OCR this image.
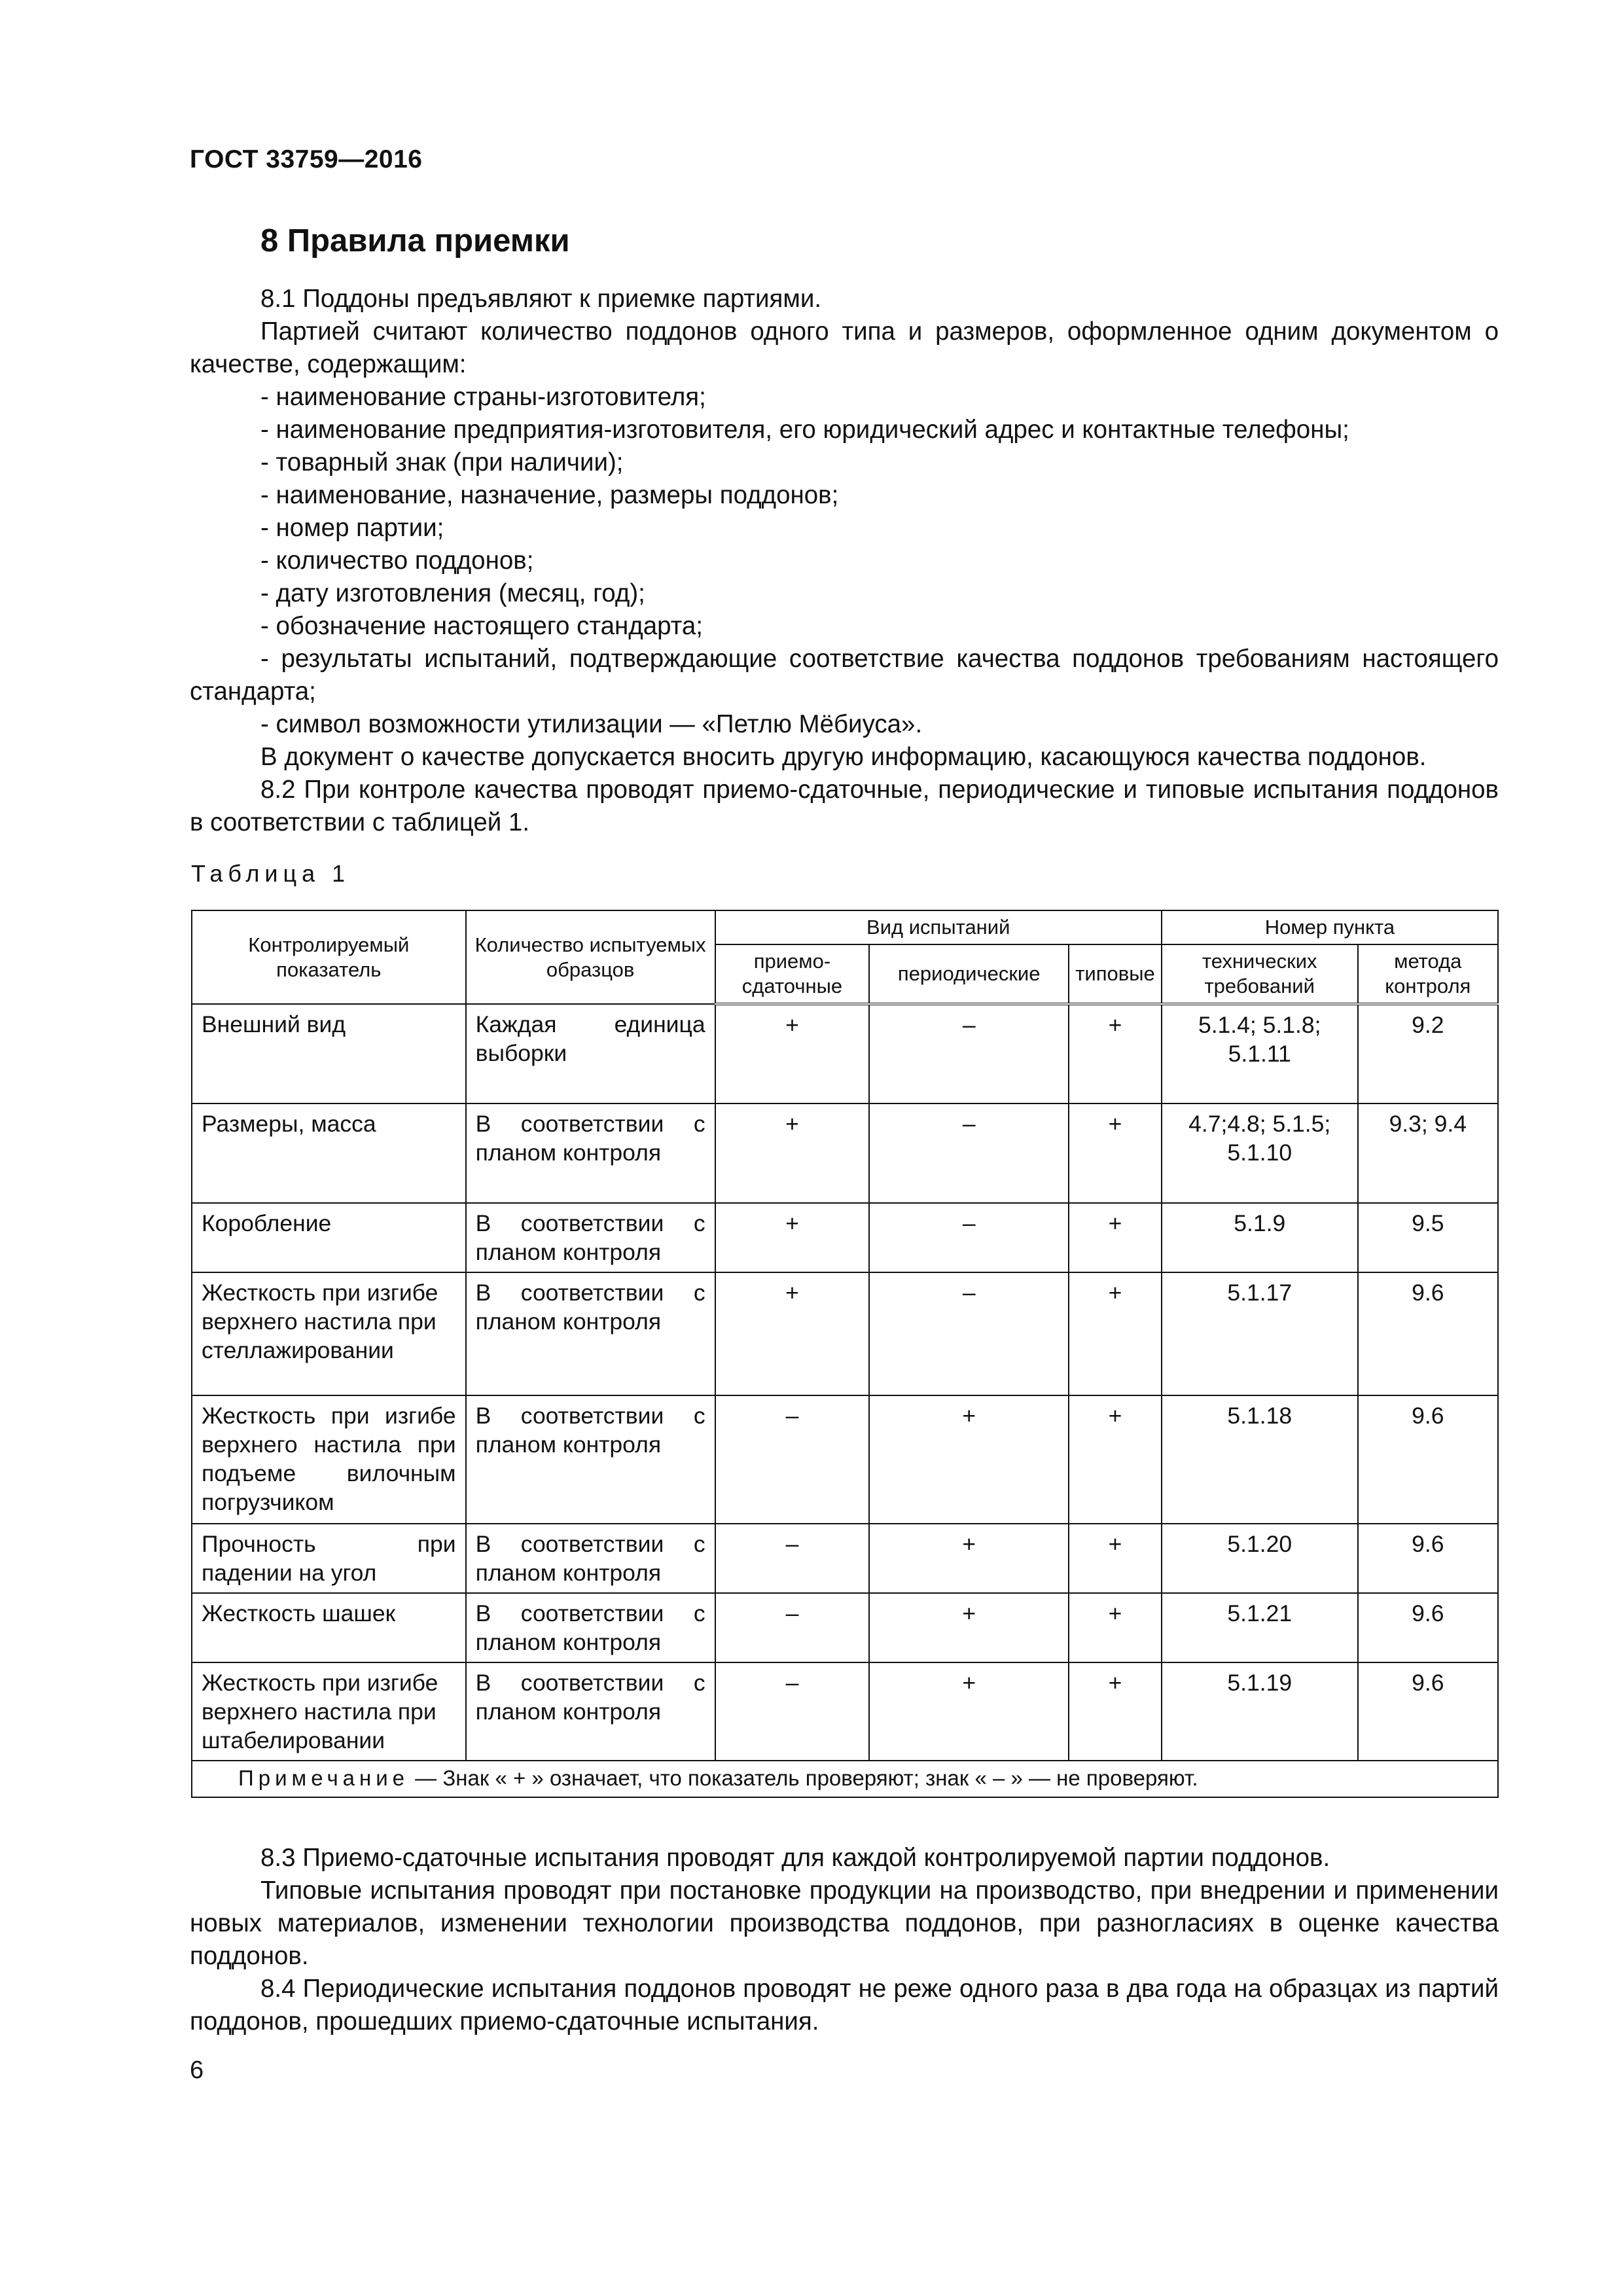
ГОСТ 33759—2016
8 Правила приемки

8.1 Поддоны предъявляют к приемке партиями.

Партией считают количество поддонов одного типа и размеров, оформленное одним документом о качестве, содержащим:

- наименование страны-изготовителя;

- наименование предприятия-изготовителя, его юридический адрес и контактные телефоны;

- товарный знак (при наличии);

- наименование, назначение, размеры поддонов;

- номер партии;

- количество поддонов;

- дату изготовления (месяц, год);

- обозначение настоящего стандарта;

- результаты испытаний, подтверждающие соответствие качества поддонов требованиям настоящего стандарта;

- символ возможности утилизации — «Петлю Мёбиуса».

В документ о качестве допускается вносить другую информацию, касающуюся качества поддонов.

8.2 При контроле качества проводят приемо-сдаточные, периодические и типовые испытания поддонов в соответствии с таблицей 1.

Таблица 1
Контролируемый показатель	Количество испытуемых образцов	Вид испытаний			Номер пункта	
		приемо-сдаточные	периодические	типовые	технических требований	метода контроля
Внешний вид	Каждая единица выборки	+	–	+	5.1.4; 5.1.8; 5.1.11	9.2
Размеры, масса	В соответствии с планом контроля	+	–	+	4.7;4.8; 5.1.5; 5.1.10	9.3; 9.4
Коробление	В соответствии с планом контроля	+	–	+	5.1.9	9.5
Жесткость при изгибе верхнего настила при стеллажировании	В соответствии с планом контроля	+	–	+	5.1.17	9.6
Жесткость при изгибе верхнего настила при подъеме вилочным погрузчиком	В соответствии с планом контроля	–	+	+	5.1.18	9.6
Прочность при падении на угол	В соответствии с планом контроля	–	+	+	5.1.20	9.6
Жесткость шашек	В соответствии с планом контроля	–	+	+	5.1.21	9.6
Жесткость при изгибе верхнего настила при штабелировании	В соответствии с планом контроля	–	+	+	5.1.19	9.6
Примечание — Знак « + » означает, что показатель проверяют; знак « – » — не проверяют.						

8.3 Приемо-сдаточные испытания проводят для каждой контролируемой партии поддонов.

Типовые испытания проводят при постановке продукции на производство, при внедрении и применении новых материалов, изменении технологии производства поддонов, при разногласиях в оценке качества поддонов.

8.4 Периодические испытания поддонов проводят не реже одного раза в два года на образцах из партий поддонов, прошедших приемо-сдаточные испытания.

6
